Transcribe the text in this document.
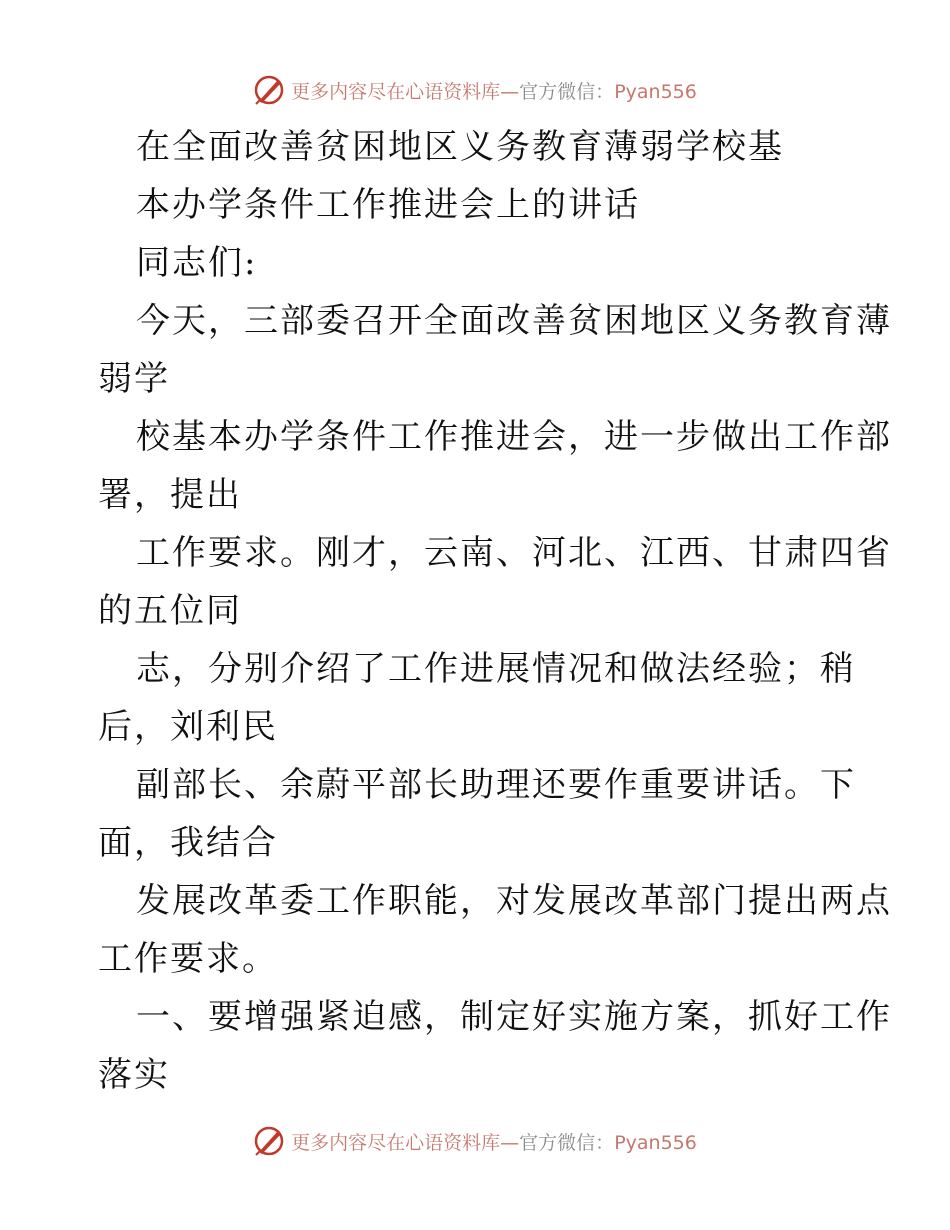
更多内容尽在心语资料库—官方微信：Pyan556
在全面改善贫困地区义务教育薄弱学校基
本办学条件工作推进会上的讲话
同志们:
今天，三部委召开全面改善贫困地区义务教育薄
弱学
校基本办学条件工作推进会，进一步做出工作部
署，提出
工作要求。刚才，云南、河北、江西、甘肃四省
的五位同
志，分别介绍了工作进展情况和做法经验；稍
后，刘利民
副部长、余蔚平部长助理还要作重要讲话。下
面，我结合
发展改革委工作职能，对发展改革部门提出两点
工作要求。
一、要增强紧迫感，制定好实施方案，抓好工作
落实
更多内容尽在心语资料库—官方微信：Pyan556
